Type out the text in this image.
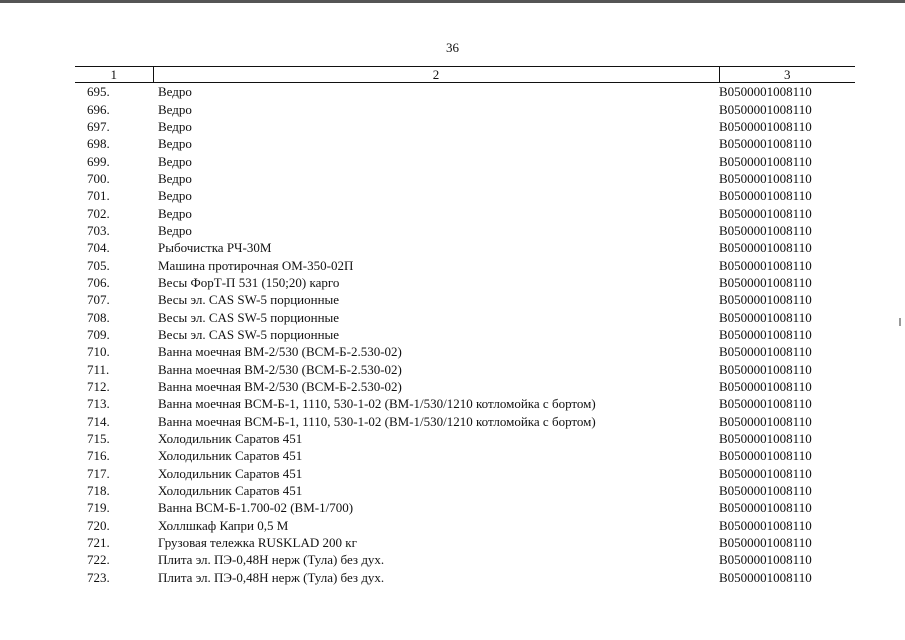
36
1	2	3
695.	Ведро	B0500001008110
696.	Ведро	B0500001008110
697.	Ведро	B0500001008110
698.	Ведро	B0500001008110
699.	Ведро	B0500001008110
700.	Ведро	B0500001008110
701.	Ведро	B0500001008110
702.	Ведро	B0500001008110
703.	Ведро	B0500001008110
704.	Рыбочистка РЧ-30М	B0500001008110
705.	Машина протирочная ОМ-350-02П	B0500001008110
706.	Весы ФорТ-П 531 (150;20) карго	B0500001008110
707.	Весы эл. CAS SW-5 порционные	B0500001008110
708.	Весы эл. CAS SW-5 порционные	B0500001008110
709.	Весы эл. CAS SW-5 порционные	B0500001008110
710.	Ванна моечная ВМ-2/530 (ВСМ-Б-2.530-02)	B0500001008110
711.	Ванна моечная ВМ-2/530 (ВСМ-Б-2.530-02)	B0500001008110
712.	Ванна моечная ВМ-2/530 (ВСМ-Б-2.530-02)	B0500001008110
713.	Ванна моечная ВСМ-Б-1, 1110, 530-1-02 (ВМ-1/530/1210 котломойка с бортом)	B0500001008110
714.	Ванна моечная ВСМ-Б-1, 1110, 530-1-02 (ВМ-1/530/1210 котломойка с бортом)	B0500001008110
715.	Холодильник Саратов 451	B0500001008110
716.	Холодильник Саратов 451	B0500001008110
717.	Холодильник Саратов 451	B0500001008110
718.	Холодильник Саратов 451	B0500001008110
719.	Ванна ВСМ-Б-1.700-02 (ВМ-1/700)	B0500001008110
720.	Холлшкаф Капри 0,5 М	B0500001008110
721.	Грузовая тележка RUSKLAD 200 кг	B0500001008110
722.	Плита эл. ПЭ-0,48Н нерж (Тула) без дух.	B0500001008110
723.	Плита эл. ПЭ-0,48Н нерж (Тула) без дух.	B0500001008110
